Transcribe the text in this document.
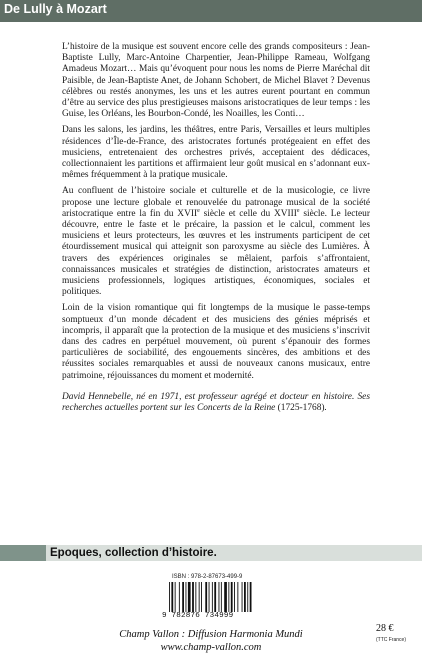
De Lully à Mozart

L’histoire de la musique est souvent encore celle des grands compositeurs : Jean-Baptiste Lully, Marc-Antoine Charpentier, Jean-Philippe Rameau, Wolfgang Amadeus Mozart… Mais qu’évoquent pour nous les noms de Pierre Maréchal dit Paisible, de Jean-Baptiste Anet, de Johann Schobert, de Michel Blavet ? Devenus célèbres ou restés anonymes, les uns et les autres eurent pourtant en commun d’être au service des plus prestigieuses maisons aristocratiques de leur temps : les Guise, les Orléans, les Bourbon-Condé, les Noailles, les Conti…

Dans les salons, les jardins, les théâtres, entre Paris, Versailles et leurs multiples résidences d’Île-de-France, des aristocrates fortunés protégeaient en effet des musiciens, entretenaient des orchestres privés, acceptaient des dédicaces, collectionnaient les partitions et affirmaient leur goût musical en s’adonnant eux-mêmes fréquemment à la pratique musicale.

Au confluent de l’histoire sociale et culturelle et de la musicologie, ce livre propose une lecture globale et renouvelée du patronage musical de la société aristocratique entre la fin du XVIIe siècle et celle du XVIIIe siècle. Le lecteur découvre, entre le faste et le précaire, la passion et le calcul, comment les musiciens et leurs protecteurs, les œuvres et les instruments participent de cet étourdissement musical qui atteignit son paroxysme au siècle des Lumières. À travers des expériences originales se mêlaient, parfois s’affrontaient, connaissances musicales et stratégies de distinction, aristocrates amateurs et musiciens professionnels, logiques artistiques, économiques, sociales et politiques.

Loin de la vision romantique qui fit longtemps de la musique le passe-temps somptueux d’un monde décadent et des musiciens des génies méprisés et incompris, il apparaît que la protection de la musique et des musiciens s’inscrivit dans des cadres en perpétuel mouvement, où purent s’épanouir des formes particulières de sociabilité, des engouements sincères, des ambitions et des réussites sociales remarquables et aussi de nouveaux canons musicaux, entre patrimoine, réjouissances du moment et modernité.

David Hennebelle, né en 1971, est professeur agrégé et docteur en histoire. Ses recherches actuelles portent sur les Concerts de la Reine (1725-1768).

Epoques, collection d’histoire.
ISBN : 978-2-87673-499-9
9 782876 734999
Champ Vallon : Diffusion Harmonia Mundi
www.champ-vallon.com
28 €
(TTC France)
